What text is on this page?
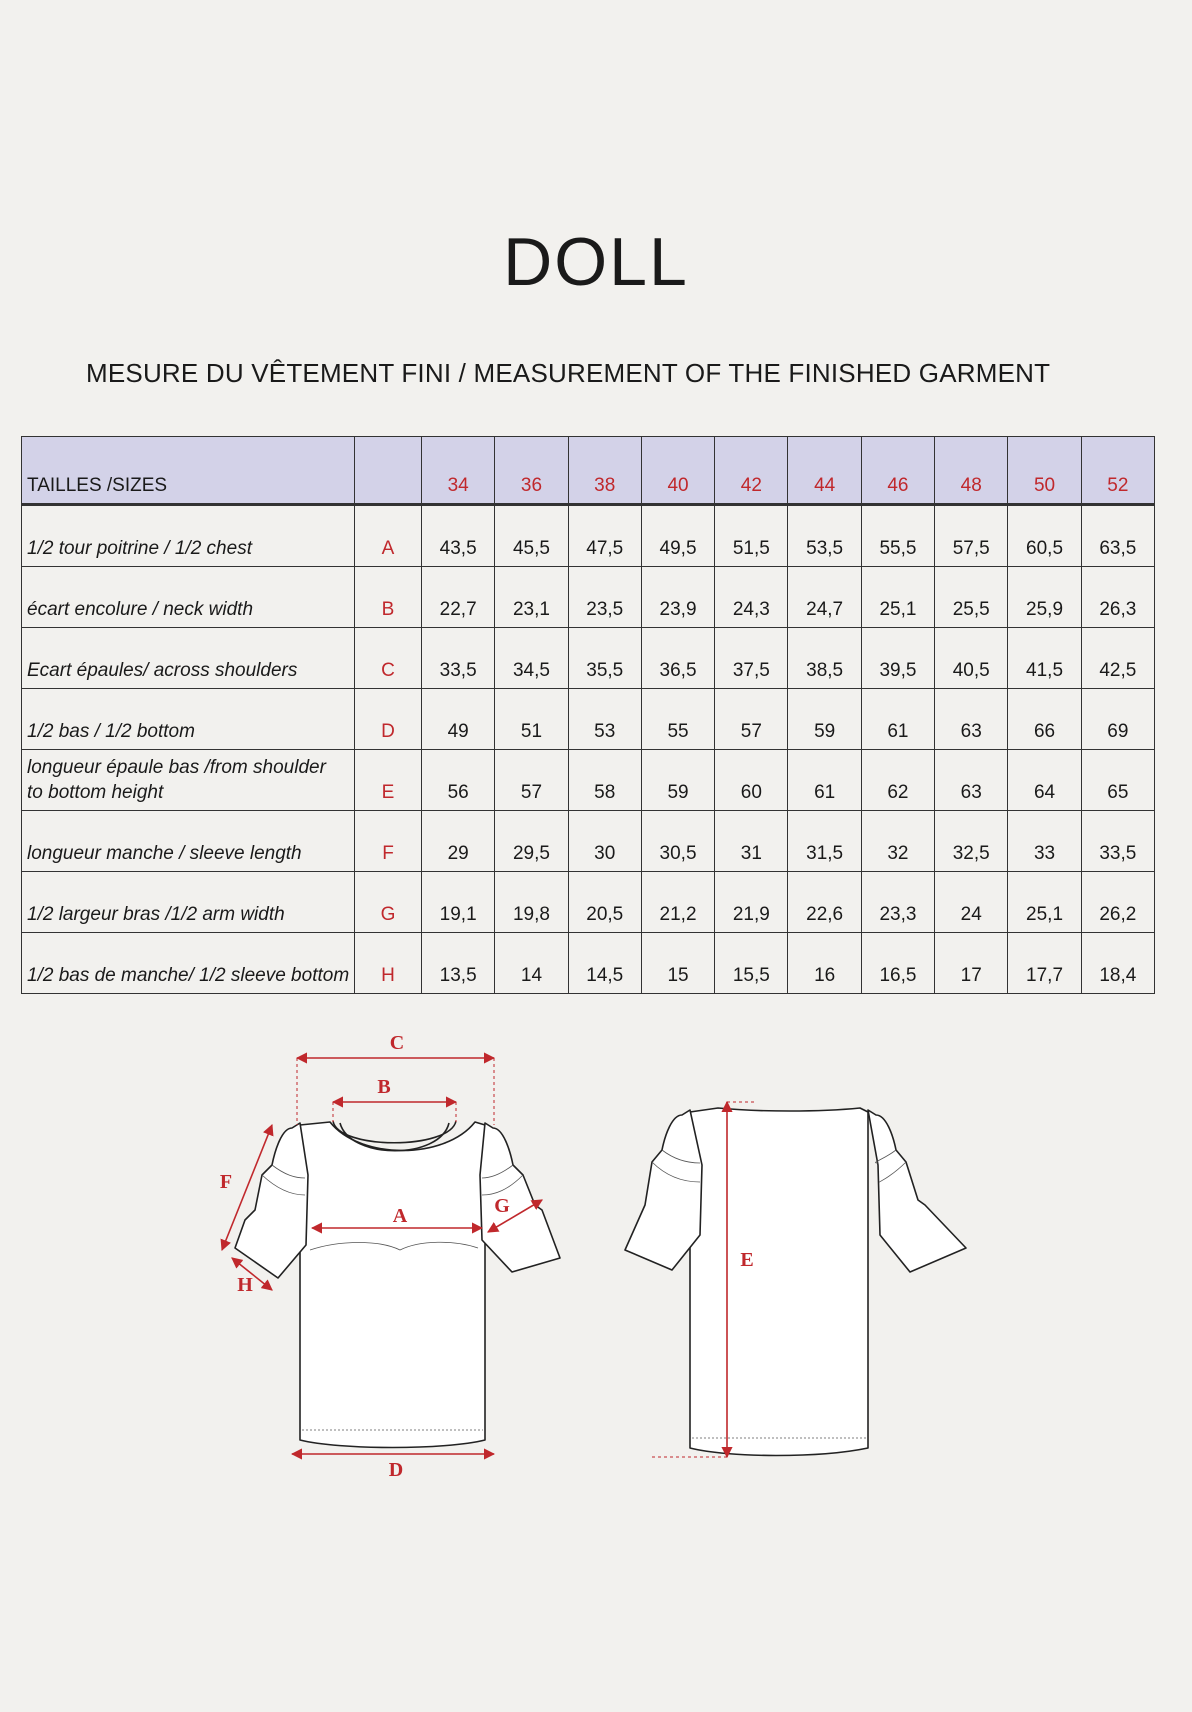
DOLL
MESURE DU VÊTEMENT FINI / MEASUREMENT OF THE FINISHED GARMENT
TAILLES /SIZES		34	36	38	40	42	44	46	48	50	52

1/2 tour poitrine / 1/2 chest	A	43,5	45,5	47,5	49,5	51,5	53,5	55,5	57,5	60,5	63,5

écart encolure / neck width	B	22,7	23,1	23,5	23,9	24,3	24,7	25,1	25,5	25,9	26,3

Ecart épaules/ across shoulders	C	33,5	34,5	35,5	36,5	37,5	38,5	39,5	40,5	41,5	42,5

1/2 bas / 1/2 bottom	D	49	51	53	55	57	59	61	63	66	69

longueur épaule bas /from shoulder
to bottom height	E	56	57	58	59	60	61	62	63	64	65

longueur manche / sleeve length	F	29	29,5	30	30,5	31	31,5	32	32,5	33	33,5

1/2 largeur bras /1/2 arm width	G	19,1	19,8	20,5	21,2	21,9	22,6	23,3	24	25,1	26,2

1/2 bas de manche/ 1/2 sleeve bottom	H	13,5	14	14,5	15	15,5	16	16,5	17	17,7	18,4
C
B
A
D
F
H
G
E
